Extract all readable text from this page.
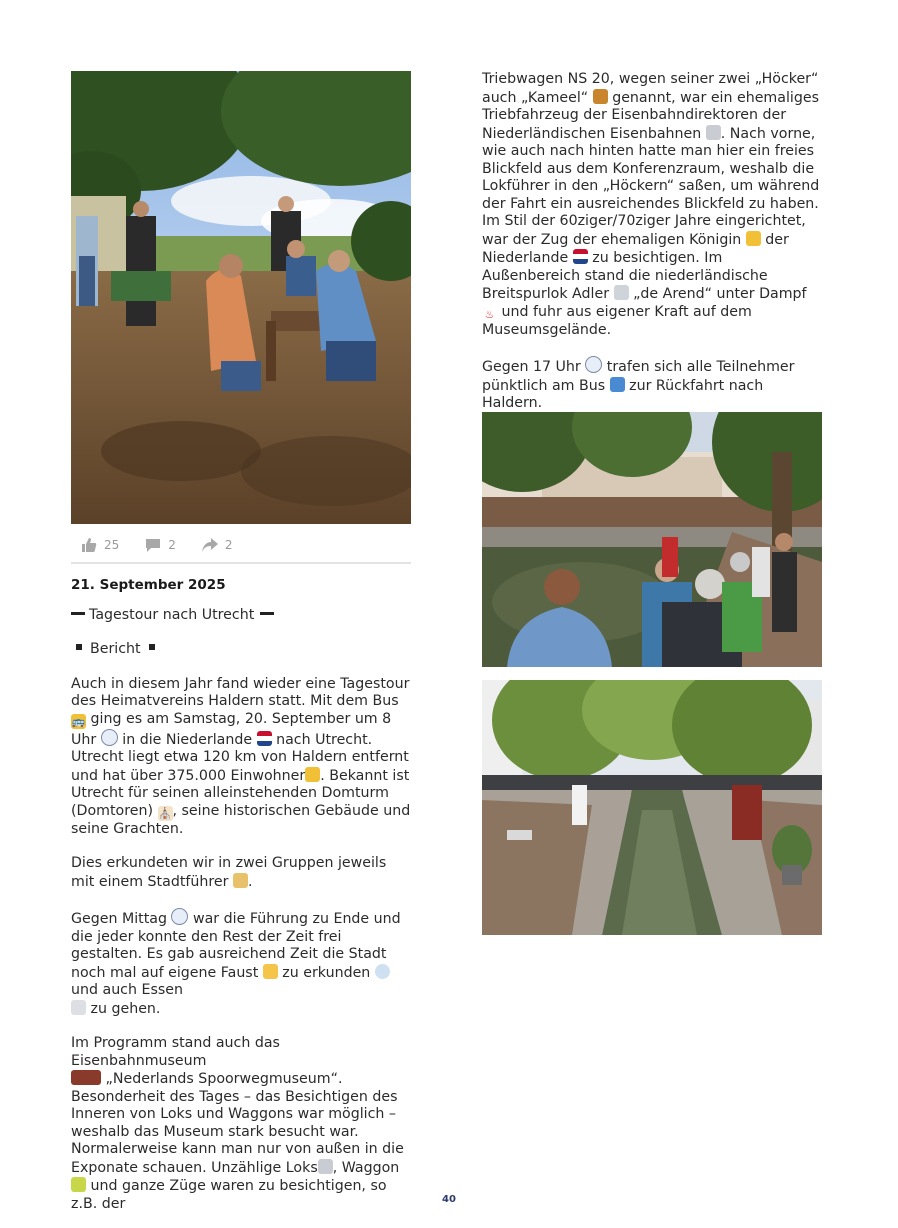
25	2	2

21. September 2025

Tagestour nach Utrecht

Bericht

Auch in diesem Jahr fand wieder eine Tagestour des Heimatvereins Haldern statt. Mit dem Bus 🚌 ging es am Samstag, 20. September um 8 Uhr in die Niederlande nach Utrecht.
Utrecht liegt etwa 120 km von Haldern entfernt und hat über 375.000 Einwohner . Bekannt ist Utrecht für seinen alleinstehenden Domturm (Domtoren) ⛪, seine historischen Gebäude und seine Grachten.

Dies erkundeten wir in zwei Gruppen jeweils mit einem Stadtführer .

Gegen Mittag war die Führung zu Ende und die jeder konnte den Rest der Zeit frei gestalten. Es gab ausreichend Zeit die Stadt noch mal auf eigene Faust zu erkunden  und auch Essen
zu gehen.

Im Programm stand auch das Eisenbahnmuseum
„Nederlands Spoorwegmuseum“. Besonderheit des Tages – das Besichtigen des Inneren von Loks und Waggons war möglich – weshalb das Museum stark besucht war. Normalerweise kann man nur von außen in die Exponate schauen. Unzählige Loks , Waggon  und ganze Züge waren zu besichtigen, so z.B. der

Triebwagen NS 20, wegen seiner zwei „Höcker“ auch „Kameel“ genannt, war ein ehemaliges Triebfahrzeug der Eisenbahndirektoren der Niederländischen Eisenbahnen . Nach vorne, wie auch nach hinten hatte man hier ein freies Blickfeld aus dem Konferenzraum, weshalb die Lokführer in den „Höckern“ saßen, um während der Fahrt ein ausreichendes Blickfeld zu haben. Im Stil der 60ziger/70ziger Jahre eingerichtet, war der Zug der ehemaligen Königin der Niederlande zu besichtigen. Im Außenbereich stand die niederländische Breitspurlok Adler „de Arend“ unter Dampf ♨ und fuhr aus eigener Kraft auf dem Museumsgelände.

Gegen 17 Uhr trafen sich alle Teilnehmer pünktlich am Bus zur Rückfahrt nach Haldern.

40
